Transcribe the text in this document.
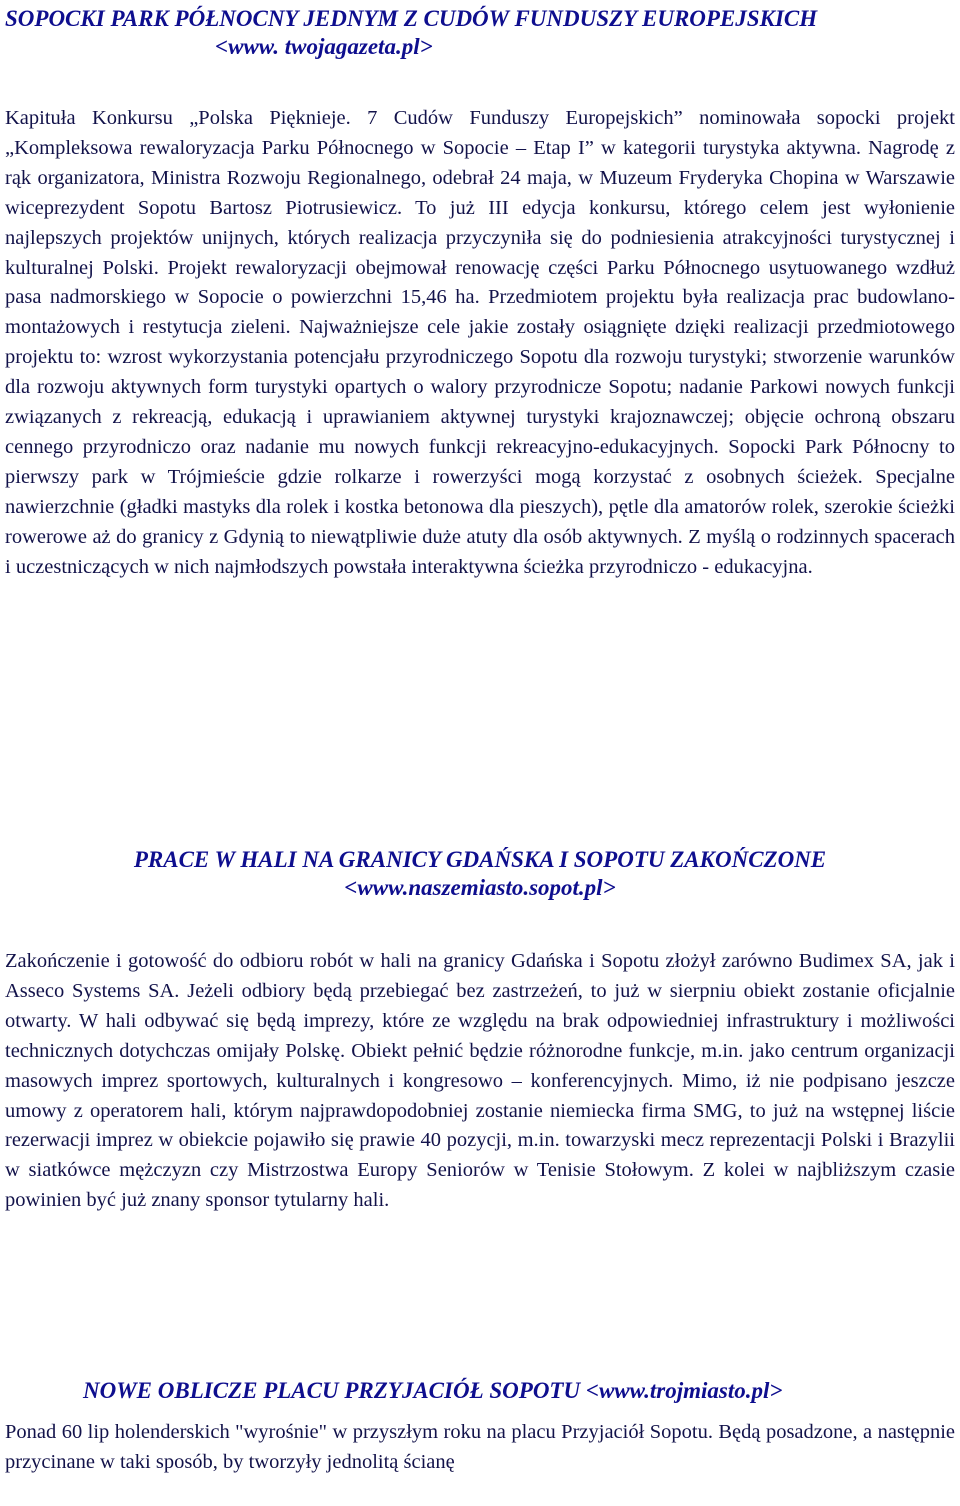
SOPOCKI PARK PÓŁNOCNY JEDNYM Z CUDÓW FUNDUSZY EUROPEJSKICH
<www. twojagazeta.pl>

Kapituła Konkursu „Polska Pięknieje. 7 Cudów Funduszy Europejskich” nominowała sopocki projekt „Kompleksowa rewaloryzacja Parku Północnego w Sopocie – Etap I” w kategorii turystyka aktywna. Nagrodę z rąk organizatora, Ministra Rozwoju Regionalnego, odebrał 24 maja, w Muzeum Fryderyka Chopina w Warszawie wiceprezydent Sopotu Bartosz Piotrusiewicz. To już III edycja konkursu, którego celem jest wyłonienie najlepszych projektów unijnych, których realizacja przyczyniła się do podniesienia atrakcyjności turystycznej i kulturalnej Polski. Projekt rewaloryzacji obejmował renowację części Parku Północnego usytuowanego wzdłuż pasa nadmorskiego w Sopocie o powierzchni 15,46 ha. Przedmiotem projektu była realizacja prac budowlano-montażowych i restytucja zieleni. Najważniejsze cele jakie zostały osiągnięte dzięki realizacji przedmiotowego projektu to: wzrost wykorzystania potencjału przyrodniczego Sopotu dla rozwoju turystyki; stworzenie warunków dla rozwoju aktywnych form turystyki opartych o walory przyrodnicze Sopotu; nadanie Parkowi nowych funkcji związanych z rekreacją, edukacją i uprawianiem aktywnej turystyki krajoznawczej; objęcie ochroną obszaru cennego przyrodniczo oraz nadanie mu nowych funkcji rekreacyjno-edukacyjnych. Sopocki Park Północny to pierwszy park w Trójmieście gdzie rolkarze i rowerzyści mogą korzystać z osobnych ścieżek. Specjalne nawierzchnie (gładki mastyks dla rolek i kostka betonowa dla pieszych), pętle dla amatorów rolek, szerokie ścieżki rowerowe aż do granicy z Gdynią to niewątpliwie duże atuty dla osób aktywnych. Z myślą o rodzinnych spacerach i uczestniczących w nich najmłodszych powstała interaktywna ścieżka przyrodniczo - edukacyjna.

PRACE W HALI NA GRANICY GDAŃSKA I SOPOTU ZAKOŃCZONE
<www.naszemiasto.sopot.pl>

Zakończenie i gotowość do odbioru robót w hali na granicy Gdańska i Sopotu złożył zarówno Budimex SA, jak i Asseco Systems SA. Jeżeli odbiory będą przebiegać bez zastrzeżeń, to już w sierpniu obiekt zostanie oficjalnie otwarty. W hali odbywać się będą imprezy, które ze względu na brak odpowiedniej infrastruktury i możliwości technicznych dotychczas omijały Polskę. Obiekt pełnić będzie różnorodne funkcje, m.in. jako centrum organizacji masowych imprez sportowych, kulturalnych i kongresowo – konferencyjnych. Mimo, iż nie podpisano jeszcze umowy z operatorem hali, którym najprawdopodobniej zostanie niemiecka firma SMG, to już na wstępnej liście rezerwacji imprez w obiekcie pojawiło się prawie 40 pozycji, m.in. towarzyski mecz reprezentacji Polski i Brazylii w siatkówce mężczyzn czy Mistrzostwa Europy Seniorów w Tenisie Stołowym. Z kolei w najbliższym czasie powinien być już znany sponsor tytularny hali.

NOWE OBLICZE PLACU PRZYJACIÓŁ SOPOTU <www.trojmiasto.pl>

Ponad 60 lip holenderskich "wyrośnie" w przyszłym roku na placu Przyjaciół Sopotu. Będą posadzone, a następnie przycinane w taki sposób, by tworzyły jednolitą ścianę
